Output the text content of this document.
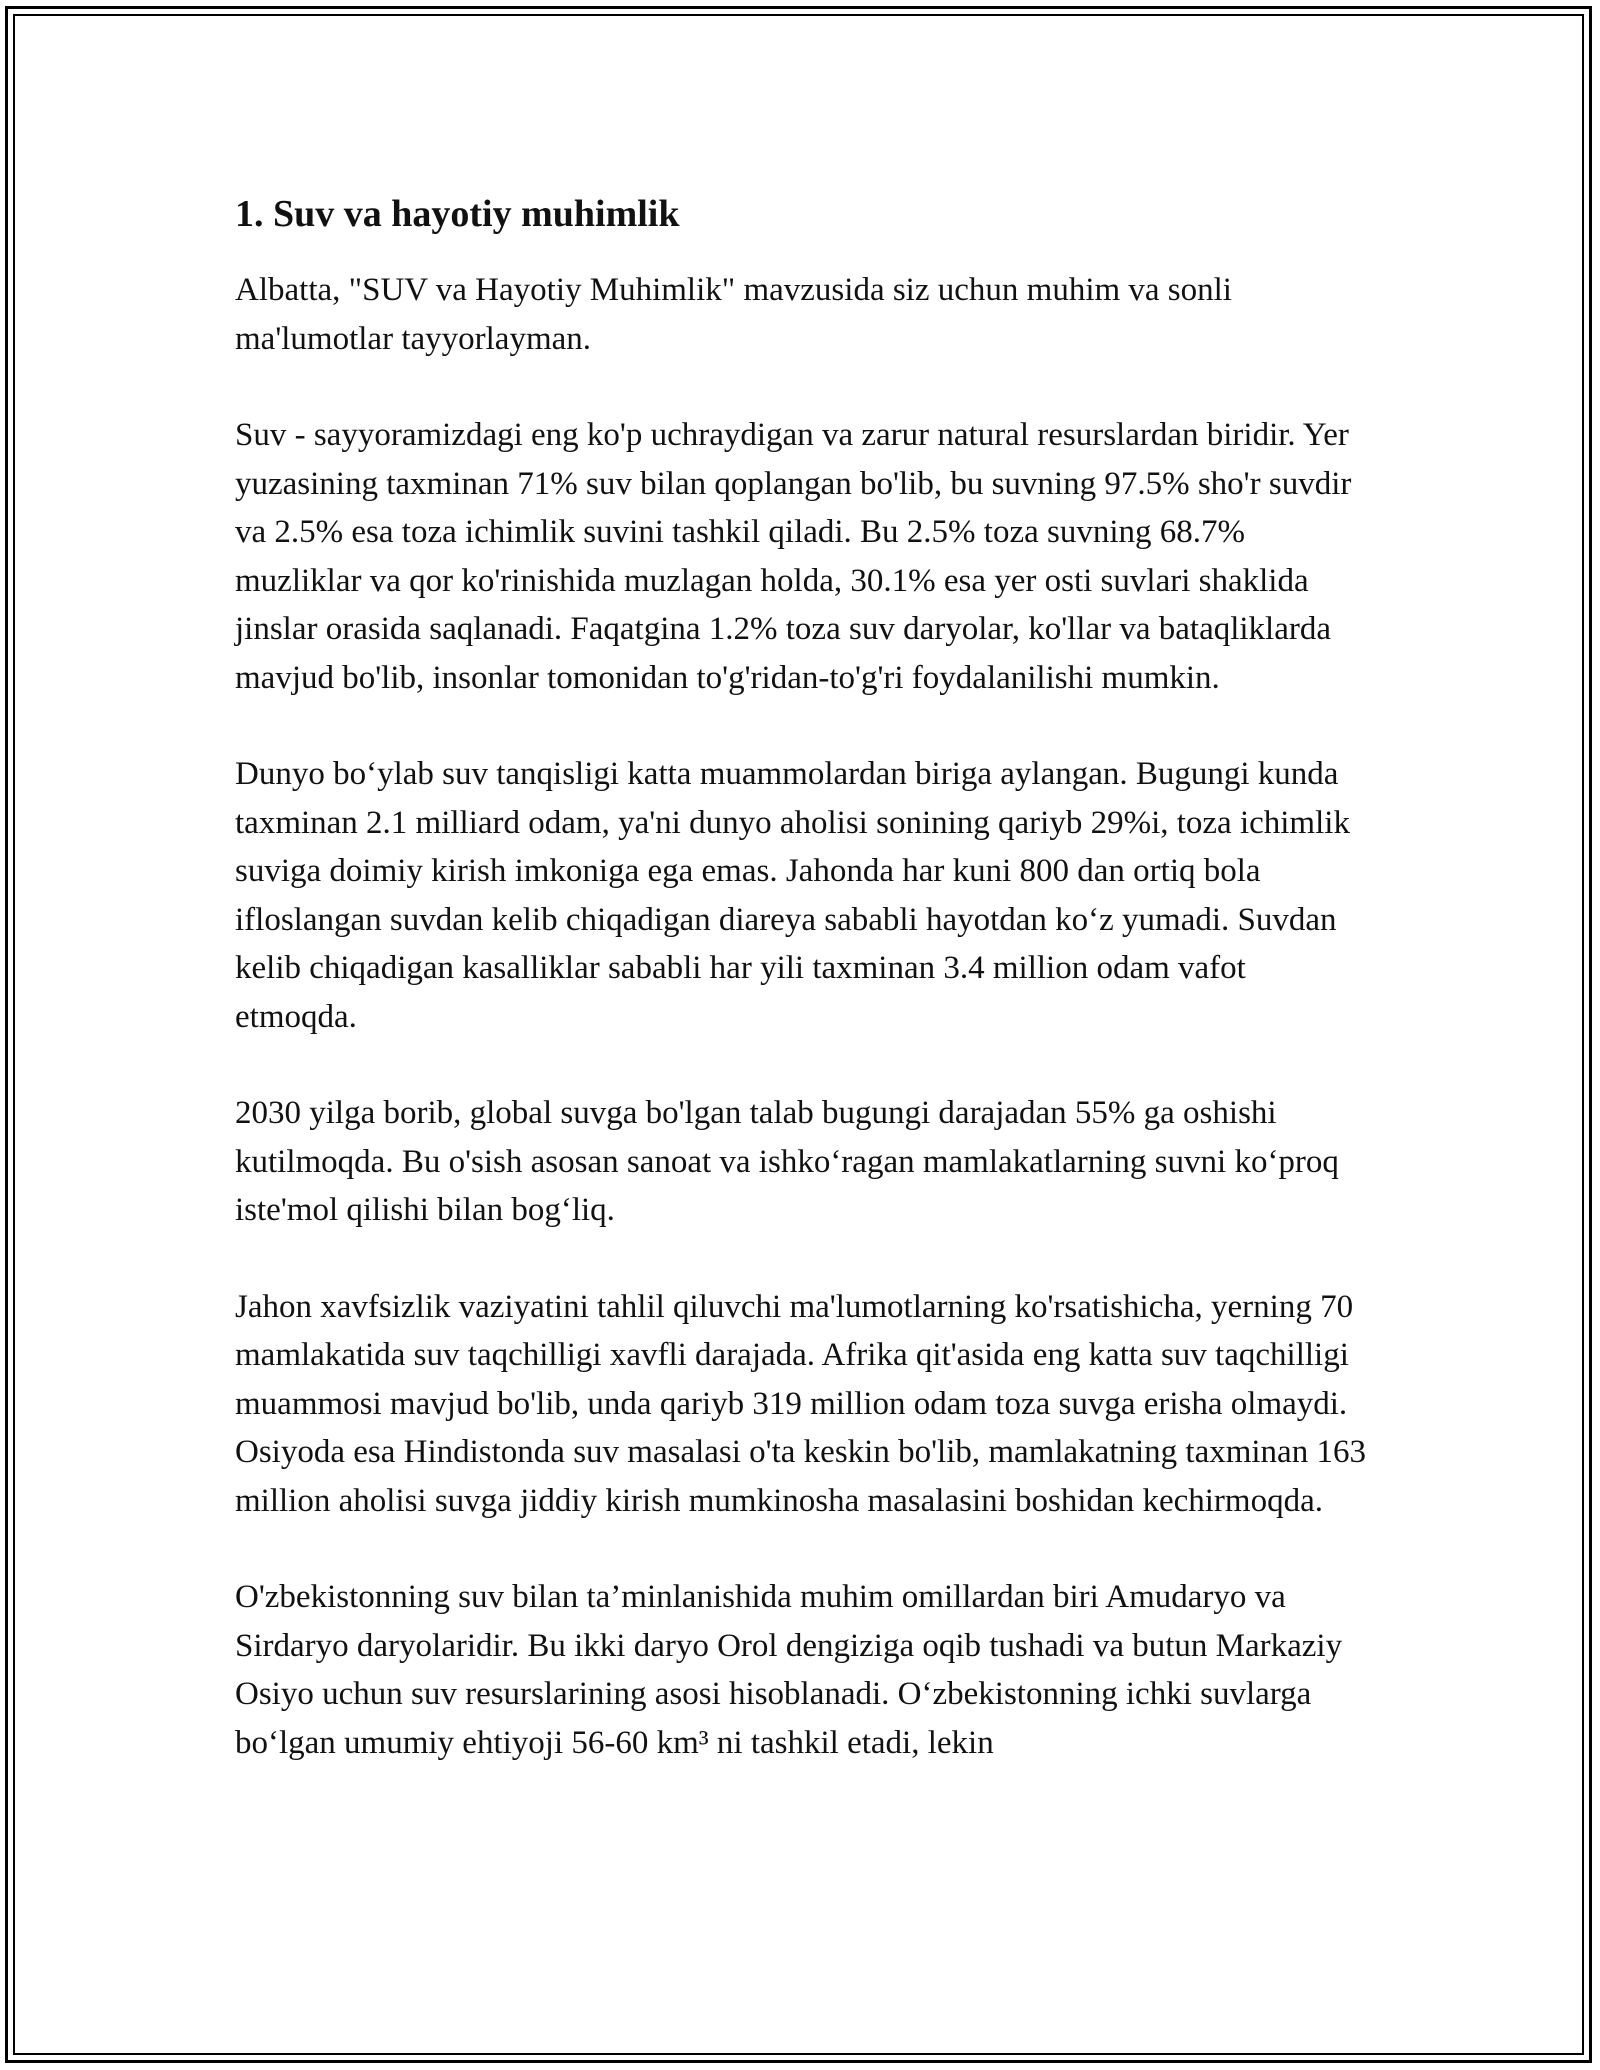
1. Suv va hayotiy muhimlik

Albatta, "SUV va Hayotiy Muhimlik" mavzusida siz uchun muhim va sonli ma'lumotlar tayyorlayman.

Suv - sayyoramizdagi eng ko'p uchraydigan va zarur natural resurslardan biridir. Yer yuzasining taxminan 71% suv bilan qoplangan bo'lib, bu suvning 97.5% sho'r suvdir va 2.5% esa toza ichimlik suvini tashkil qiladi. Bu 2.5% toza suvning 68.7% muzliklar va qor ko'rinishida muzlagan holda, 30.1% esa yer osti suvlari shaklida jinslar orasida saqlanadi. Faqatgina 1.2% toza suv daryolar, ko'llar va bataqliklarda mavjud bo'lib, insonlar tomonidan to'g'ridan-to'g'ri foydalanilishi mumkin.

Dunyo bo‘ylab suv tanqisligi katta muammolardan biriga aylangan. Bugungi kunda taxminan 2.1 milliard odam, ya'ni dunyo aholisi sonining qariyb 29%i, toza ichimlik suviga doimiy kirish imkoniga ega emas. Jahonda har kuni 800 dan ortiq bola ifloslangan suvdan kelib chiqadigan diareya sababli hayotdan ko‘z yumadi. Suvdan kelib chiqadigan kasalliklar sababli har yili taxminan 3.4 million odam vafot etmoqda.

2030 yilga borib, global suvga bo'lgan talab bugungi darajadan 55% ga oshishi kutilmoqda. Bu o'sish asosan sanoat va ishko‘ragan mamlakatlarning suvni ko‘proq iste'mol qilishi bilan bog‘liq.

Jahon xavfsizlik vaziyatini tahlil qiluvchi ma'lumotlarning ko'rsatishicha, yerning 70 mamlakatida suv taqchilligi xavfli darajada. Afrika qit'asida eng katta suv taqchilligi muammosi mavjud bo'lib, unda qariyb 319 million odam toza suvga erisha olmaydi. Osiyoda esa Hindistonda suv masalasi o'ta keskin bo'lib, mamlakatning taxminan 163 million aholisi suvga jiddiy kirish mumkinosha masalasini boshidan kechirmoqda.

O'zbekistonning suv bilan ta’minlanishida muhim omillardan biri Amudaryo va Sirdaryo daryolaridir. Bu ikki daryo Orol dengiziga oqib tushadi va butun Markaziy Osiyo uchun suv resurslarining asosi hisoblanadi. O‘zbekistonning ichki suvlarga bo‘lgan umumiy ehtiyoji 56-60 km³ ni tashkil etadi, lekin
